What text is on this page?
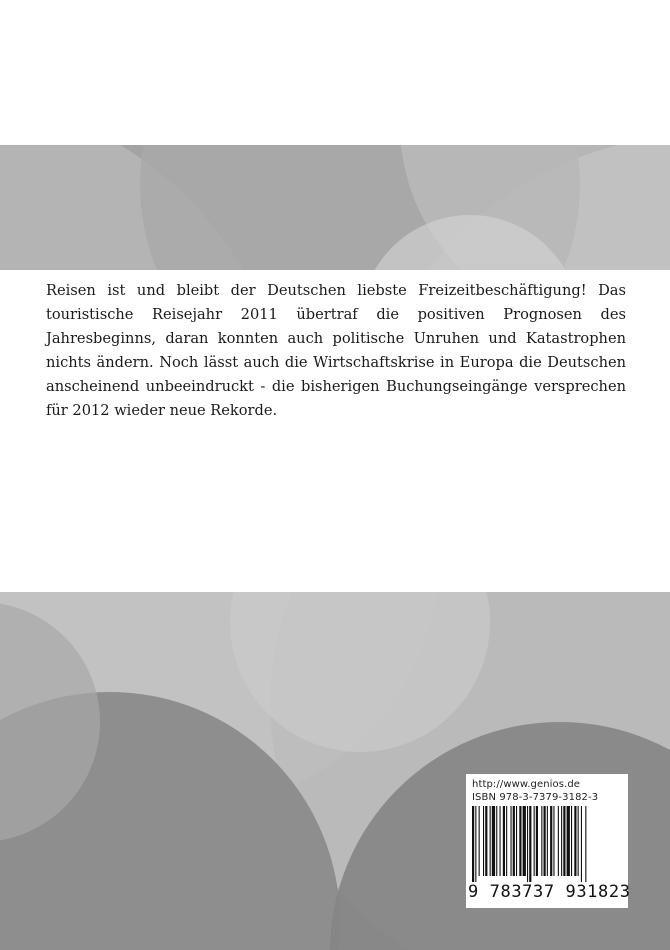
Reisen ist und bleibt der Deutschen liebste Freizeitbeschäftigung! Das touristische Reisejahr 2011 übertraf die positiven Prognosen des Jahresbeginns, daran konnten auch politische Unruhen und Katastrophen nichts ändern. Noch lässt auch die Wirtschaftskrise in Europa die Deutschen anscheinend unbeeindruckt - die bisherigen Buchungseingänge versprechen für 2012 wieder neue Rekorde.

http://www.genios.de
ISBN 978-3-7379-3182-3
9 783737 931823
